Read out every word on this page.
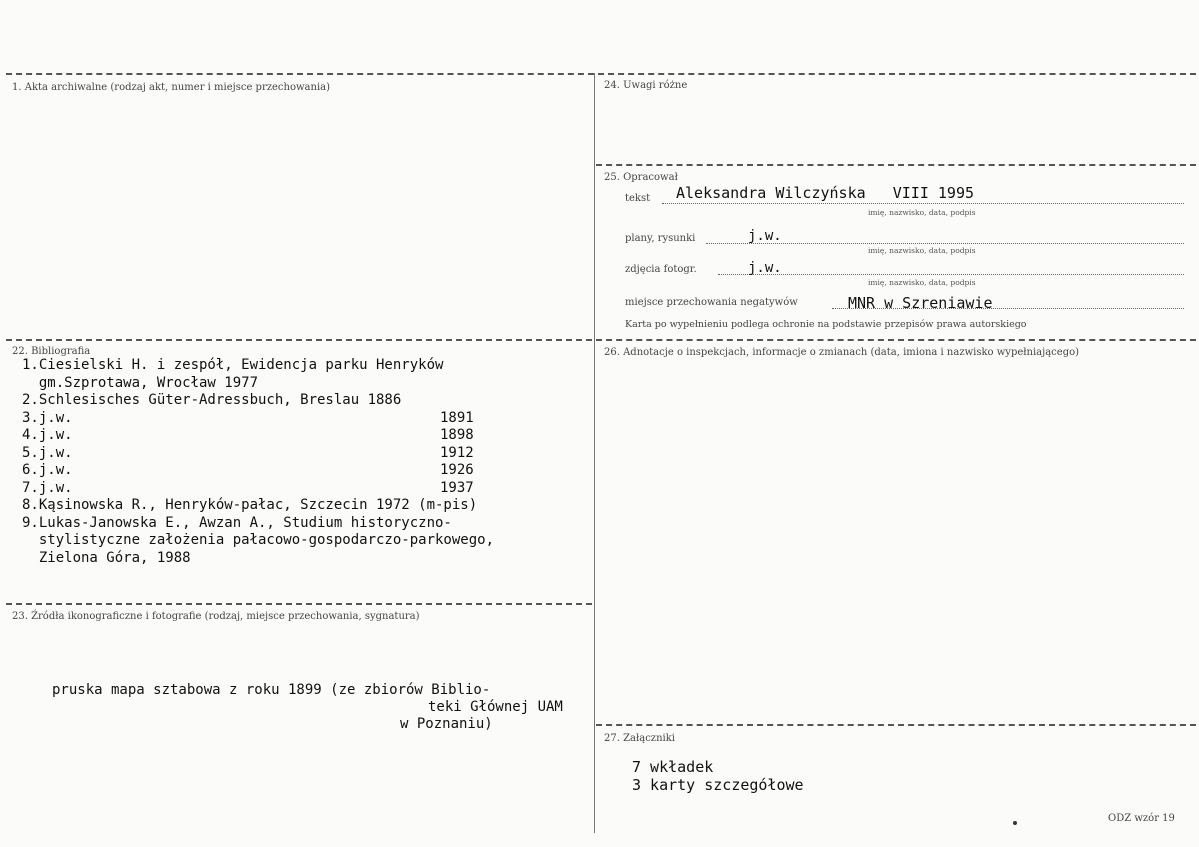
1. Akta archiwalne (rodzaj akt, numer i miejsce przechowania)
22. Bibliografia
1.Ciesielski H. i zespół, Ewidencja parku Henryków
gm.Szprotawa, Wrocław 1977
2.Schlesisches Güter-Adressbuch, Breslau 1886
3.j.w.	1891
4.j.w.	1898
5.j.w.	1912
6.j.w.	1926
7.j.w.	1937
8.Kąsinowska R., Henryków-pałac, Szczecin 1972 (m-pis)
9.Lukas-Janowska E., Awzan A., Studium historyczno-
stylistyczne założenia pałacowo-gospodarczo-parkowego,
Zielona Góra, 1988
23. Źródła ikonograficzne i fotografie (rodzaj, miejsce przechowania, sygnatura)
pruska mapa sztabowa z roku 1899 (ze zbiorów Biblio-
teki Głównej UAM
w Poznaniu)
24. Uwagi różne
25. Opracował
tekst Aleksandra Wilczyńska   VIII 1995
imię, nazwisko, data, podpis
plany, rysunki	j.w.
imię, nazwisko, data, podpis
zdjęcia fotogr.	j.w.
imię, nazwisko, data, podpis
miejsce przechowania negatywów	MNR w Szreniawie
Karta po wypełnieniu podlega ochronie na podstawie przepisów prawa autorskiego
26. Adnotacje o inspekcjach, informacje o zmianach (data, imiona i nazwisko wypełniającego)
27. Załączniki
7 wkładek
3 karty szczegółowe
ODZ wzór 19
